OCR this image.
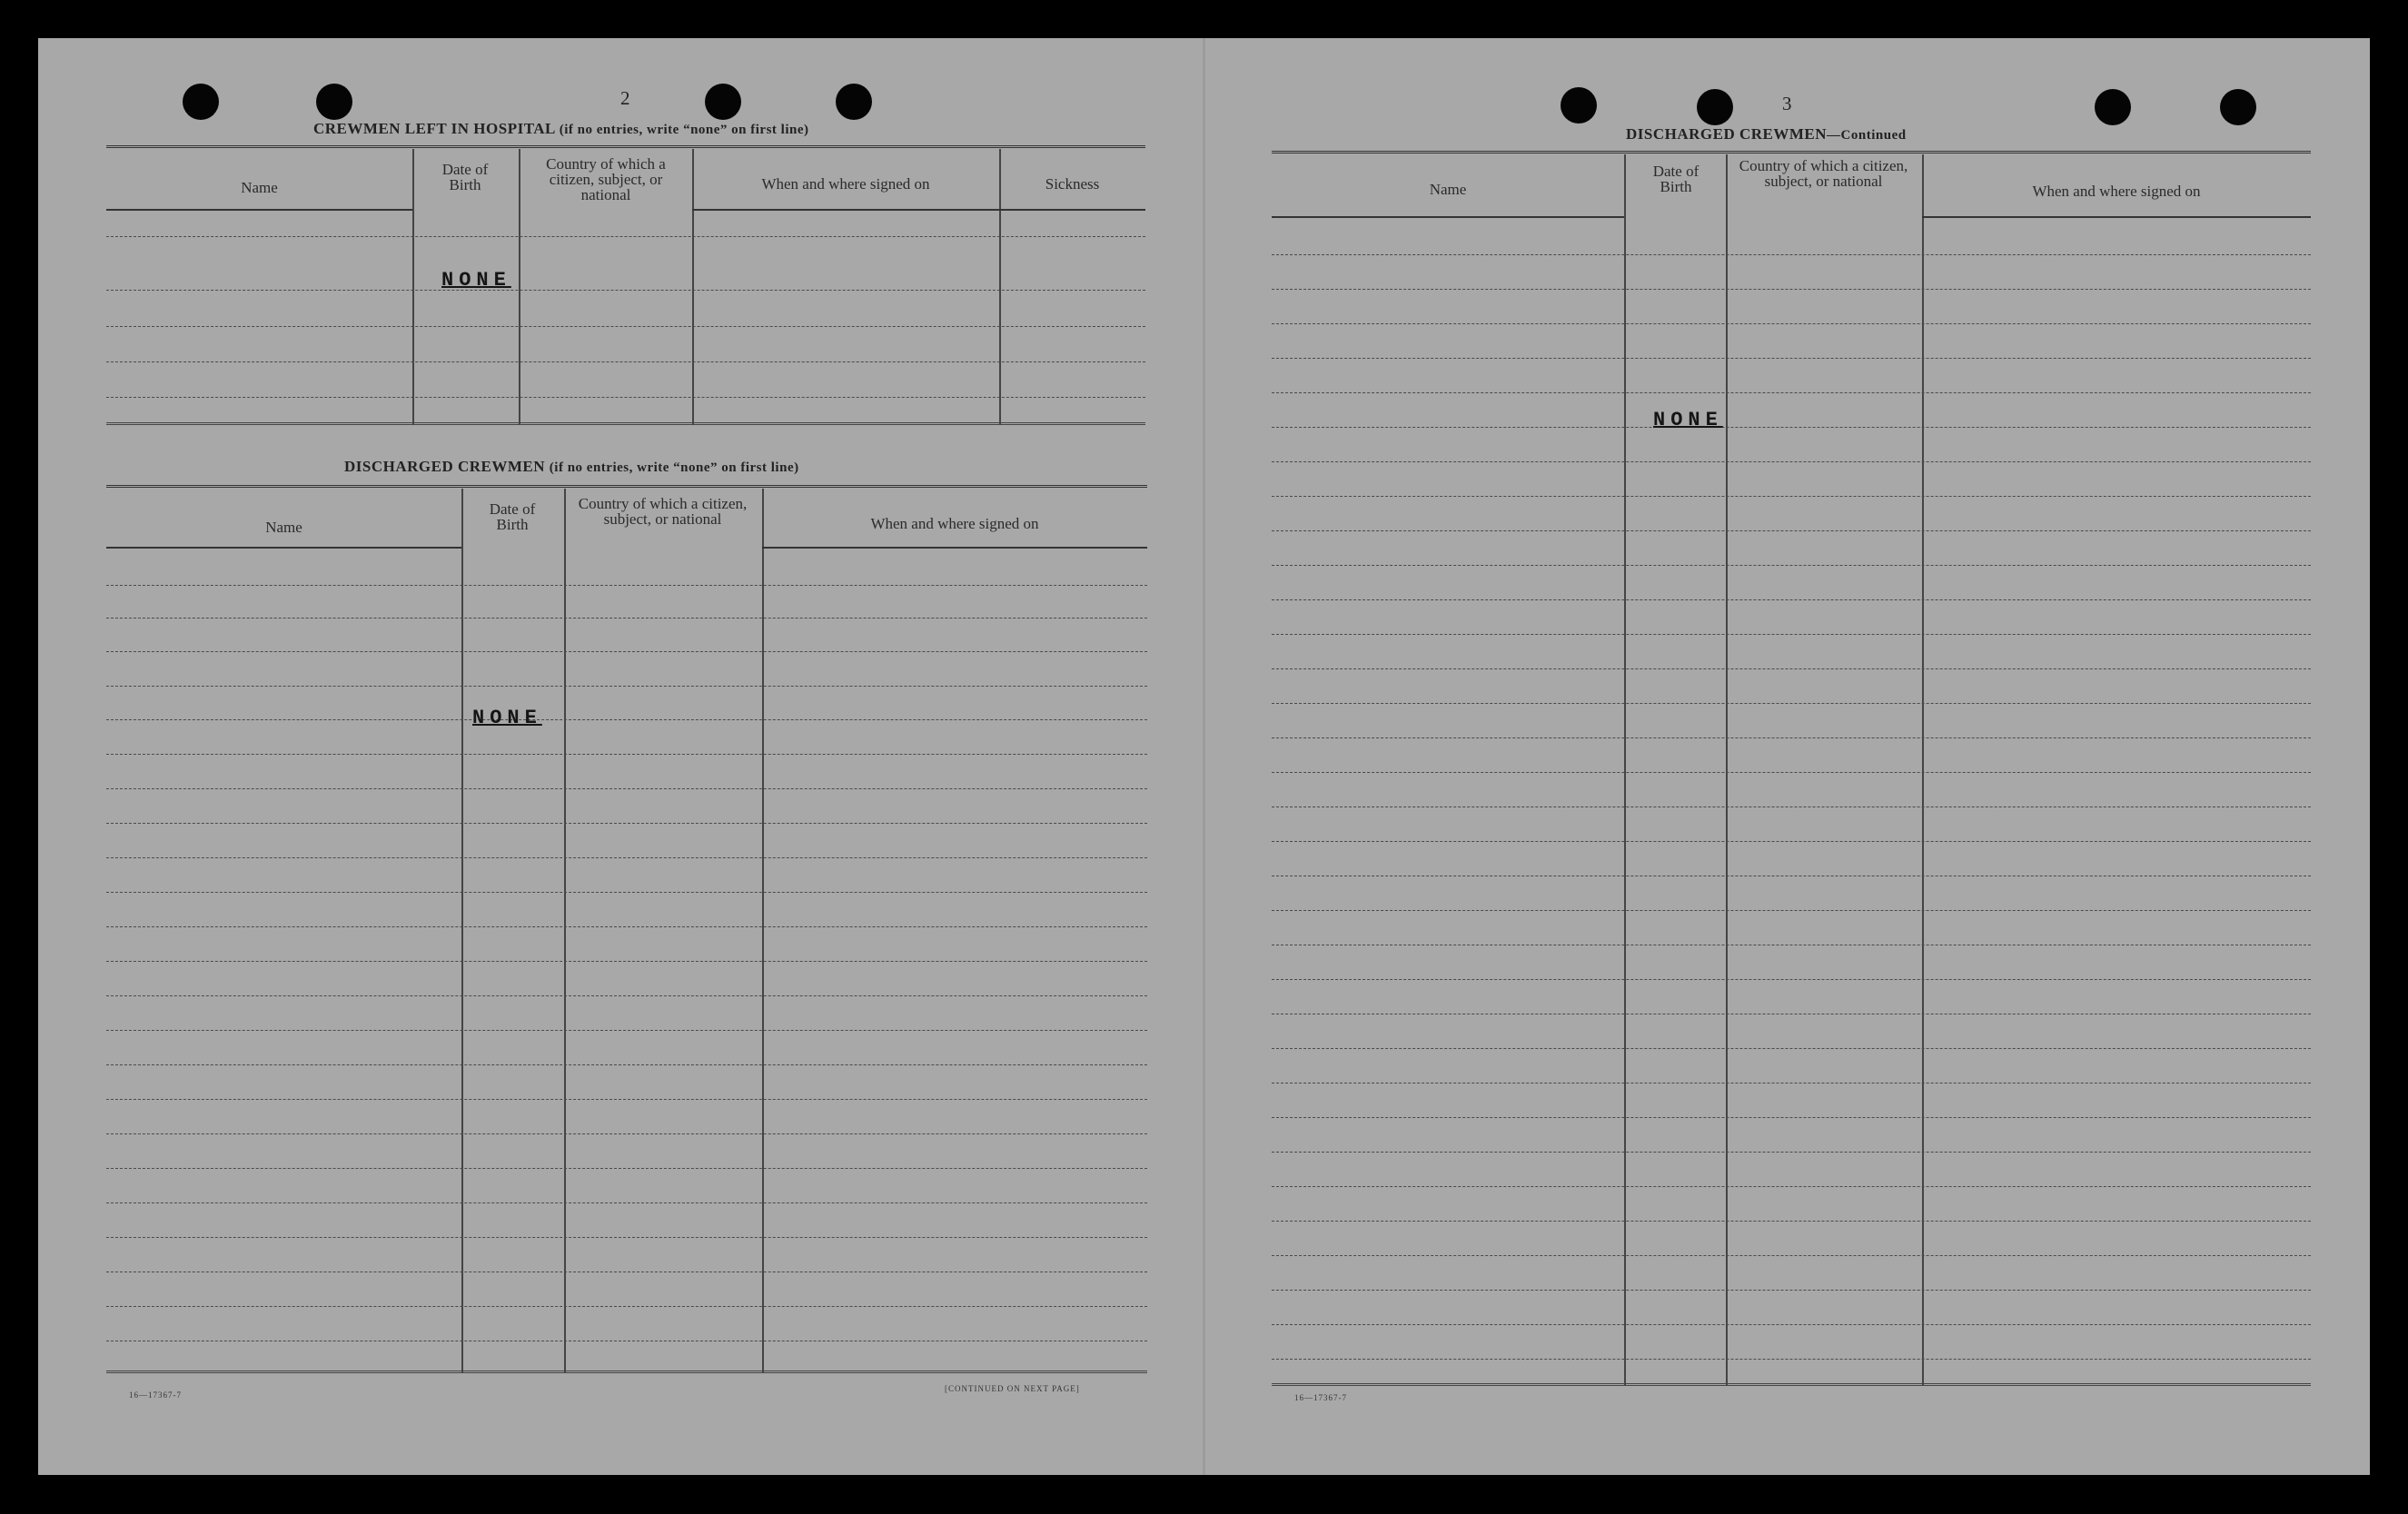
2
CREWMEN LEFT IN HOSPITAL (if no entries, write “none” on first line)
Name
Date of Birth
Country of which a citizen, subject, or national
When and where signed on	Sickness
NONE
DISCHARGED CREWMEN (if no entries, write “none” on first line)
Name
Date of Birth
Country of which a citizen, subject, or national	When and where signed on
NONE
16—17367-7
[CONTINUED ON NEXT PAGE]
3
DISCHARGED CREWMEN—Continued
Name
Date of Birth
Country of which a citizen, subject, or national
When and where signed on
NONE
16—17367-7
